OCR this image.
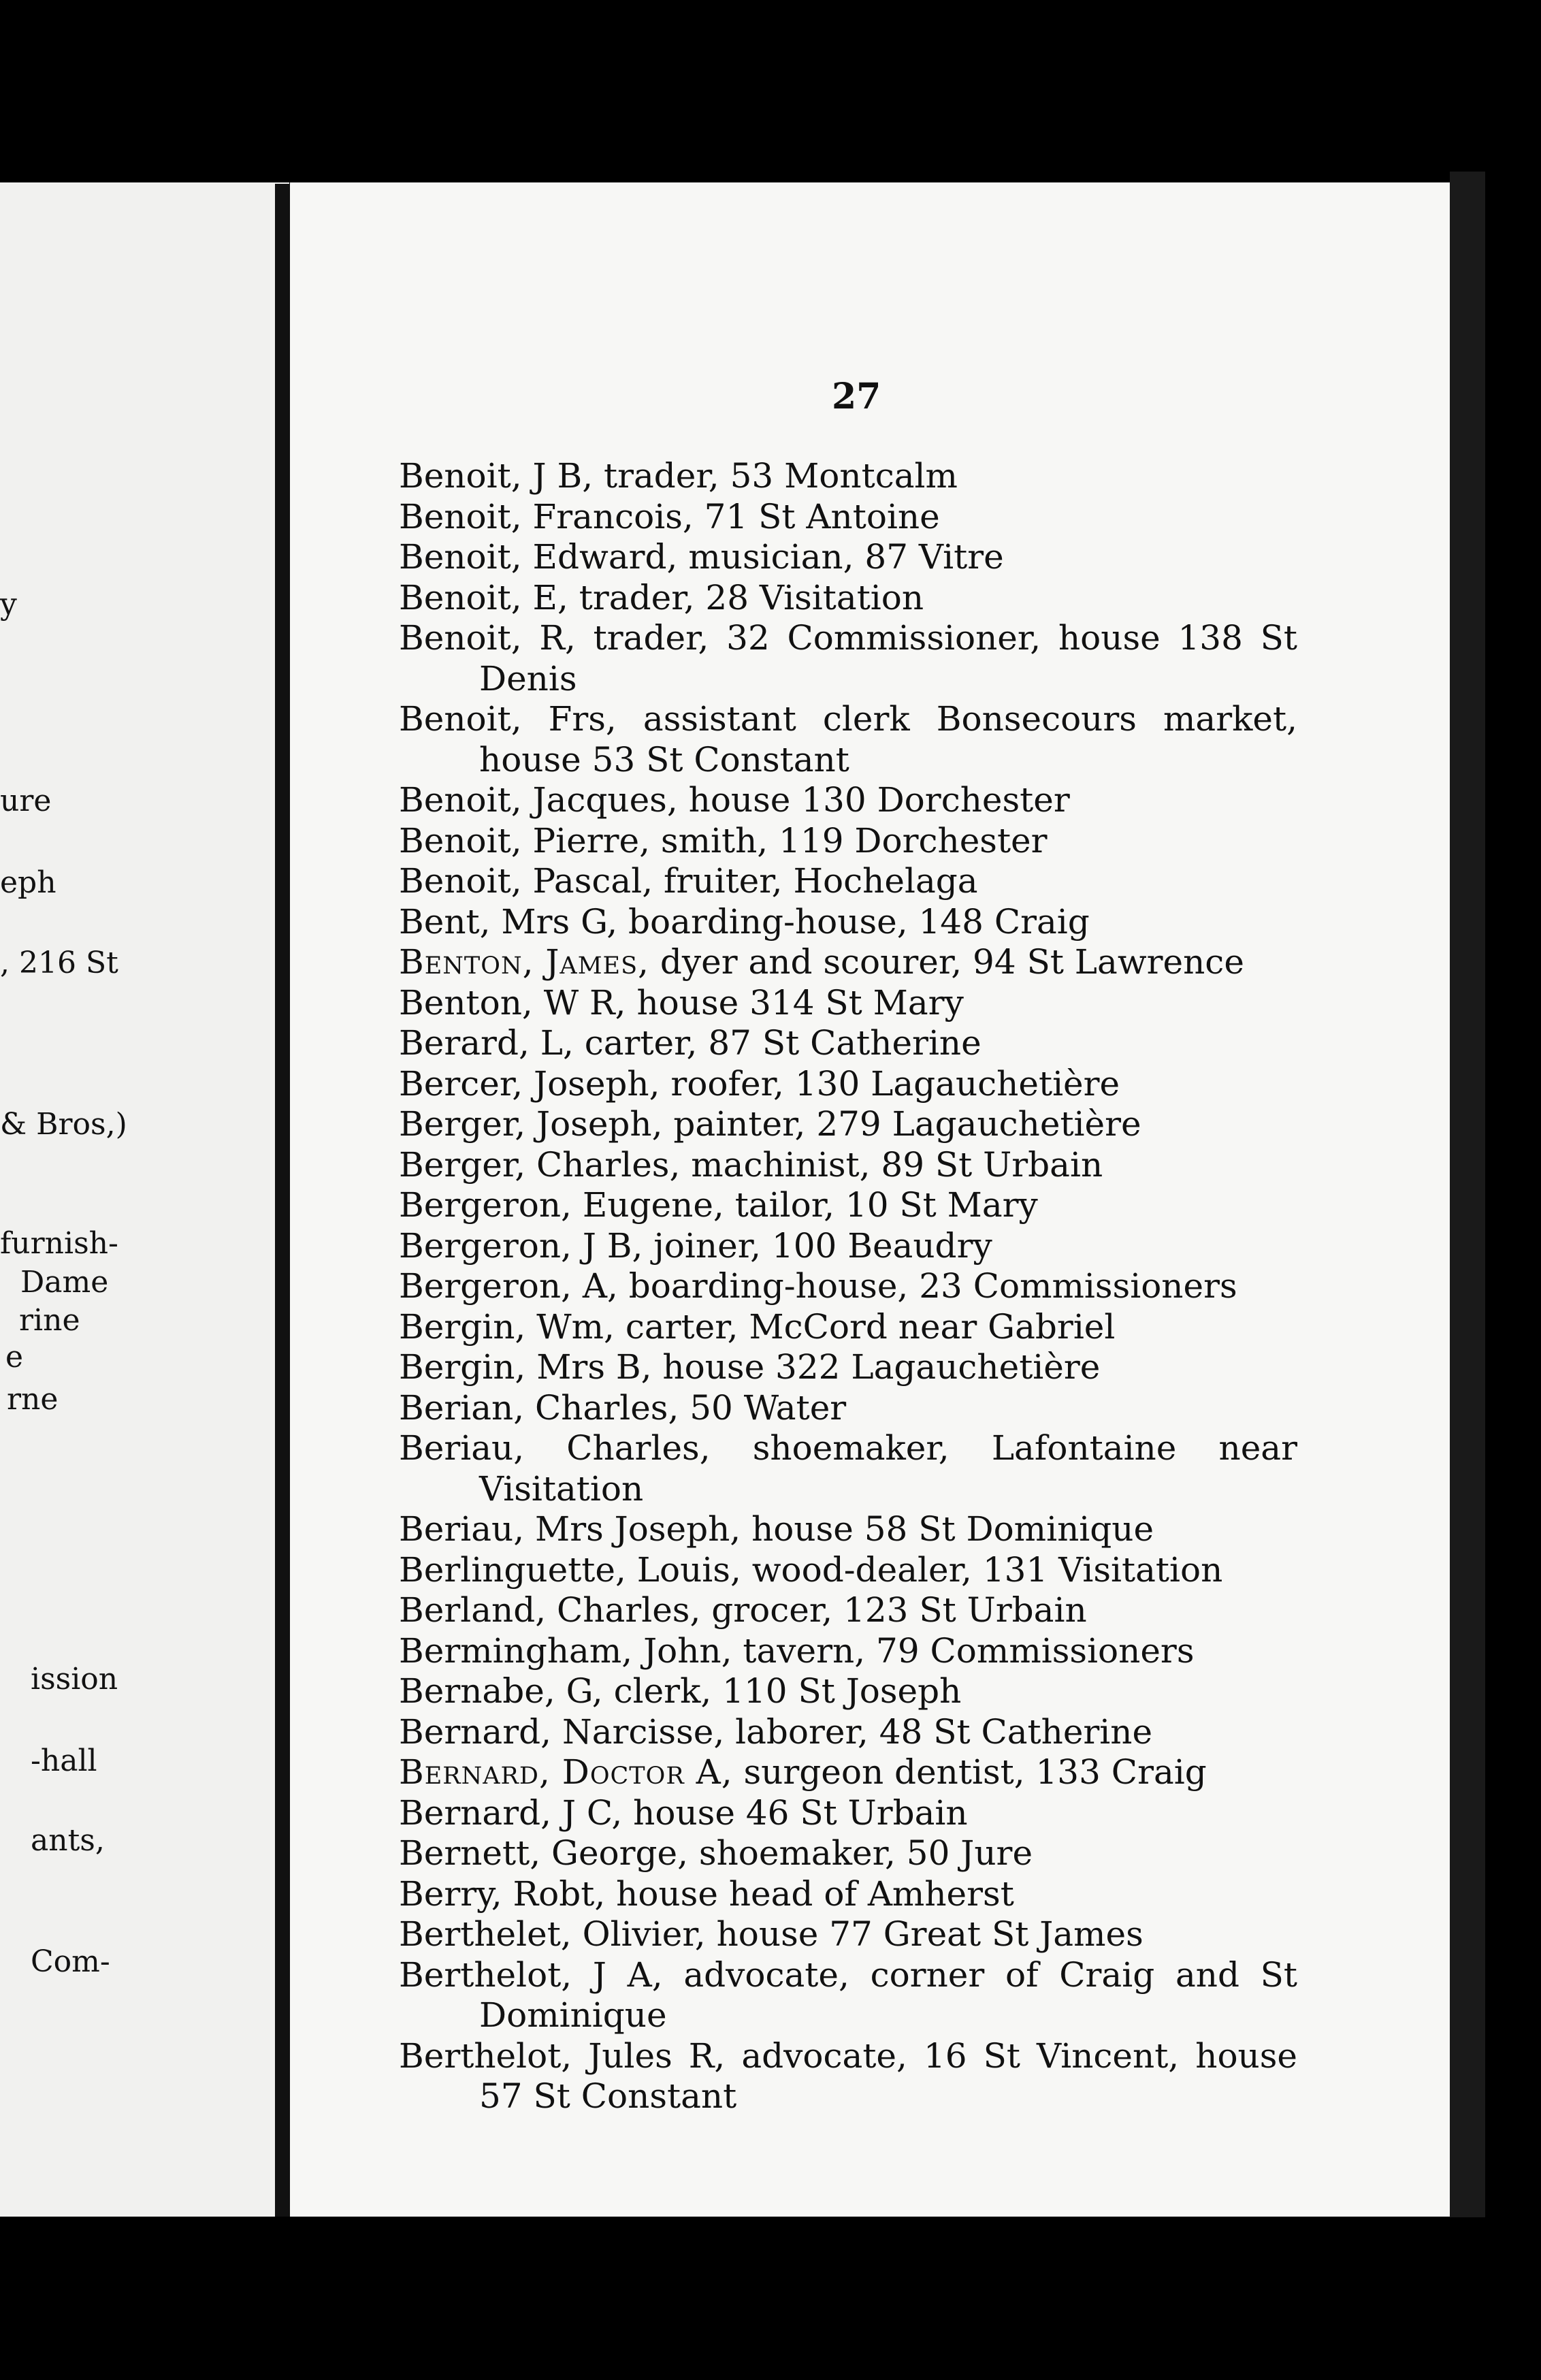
y
ure
eph
, 216 St
& Bros,)
furnish-
Dame
rine
e
rne
ission
-hall
ants,
Com-
27
Benoit, J B, trader, 53 Montcalm
Benoit, Francois, 71 St Antoine
Benoit, Edward, musician, 87 Vitre
Benoit, E, trader, 28 Visitation
Benoit, R, trader, 32 Commissioner, house 138 St Denis
Benoit, Frs, assistant clerk Bonsecours market, house 53 St Constant
Benoit, Jacques, house 130 Dorchester
Benoit, Pierre, smith, 119 Dorchester
Benoit, Pascal, fruiter, Hochelaga
Bent, Mrs G, boarding-house, 148 Craig
Benton, James, dyer and scourer, 94 St Lawrence
Benton, W R, house 314 St Mary
Berard, L, carter, 87 St Catherine
Bercer, Joseph, roofer, 130 Lagauchetière
Berger, Joseph, painter, 279 Lagauchetière
Berger, Charles, machinist, 89 St Urbain
Bergeron, Eugene, tailor, 10 St Mary
Bergeron, J B, joiner, 100 Beaudry
Bergeron, A, boarding-house, 23 Commissioners
Bergin, Wm, carter, McCord near Gabriel
Bergin, Mrs B, house 322 Lagauchetière
Berian, Charles, 50 Water
Beriau, Charles, shoemaker, Lafontaine near Visitation
Beriau, Mrs Joseph, house 58 St Dominique
Berlinguette, Louis, wood-dealer, 131 Visitation
Berland, Charles, grocer, 123 St Urbain
Bermingham, John, tavern, 79 Commissioners
Bernabe, G, clerk, 110 St Joseph
Bernard, Narcisse, laborer, 48 St Catherine
Bernard, Doctor A, surgeon dentist, 133 Craig
Bernard, J C, house 46 St Urbain
Bernett, George, shoemaker, 50 Jure
Berry, Robt, house head of Amherst
Berthelet, Olivier, house 77 Great St James
Berthelot, J A, advocate, corner of Craig and St Dominique
Berthelot, Jules R, advocate, 16 St Vincent, house 57 St Constant
